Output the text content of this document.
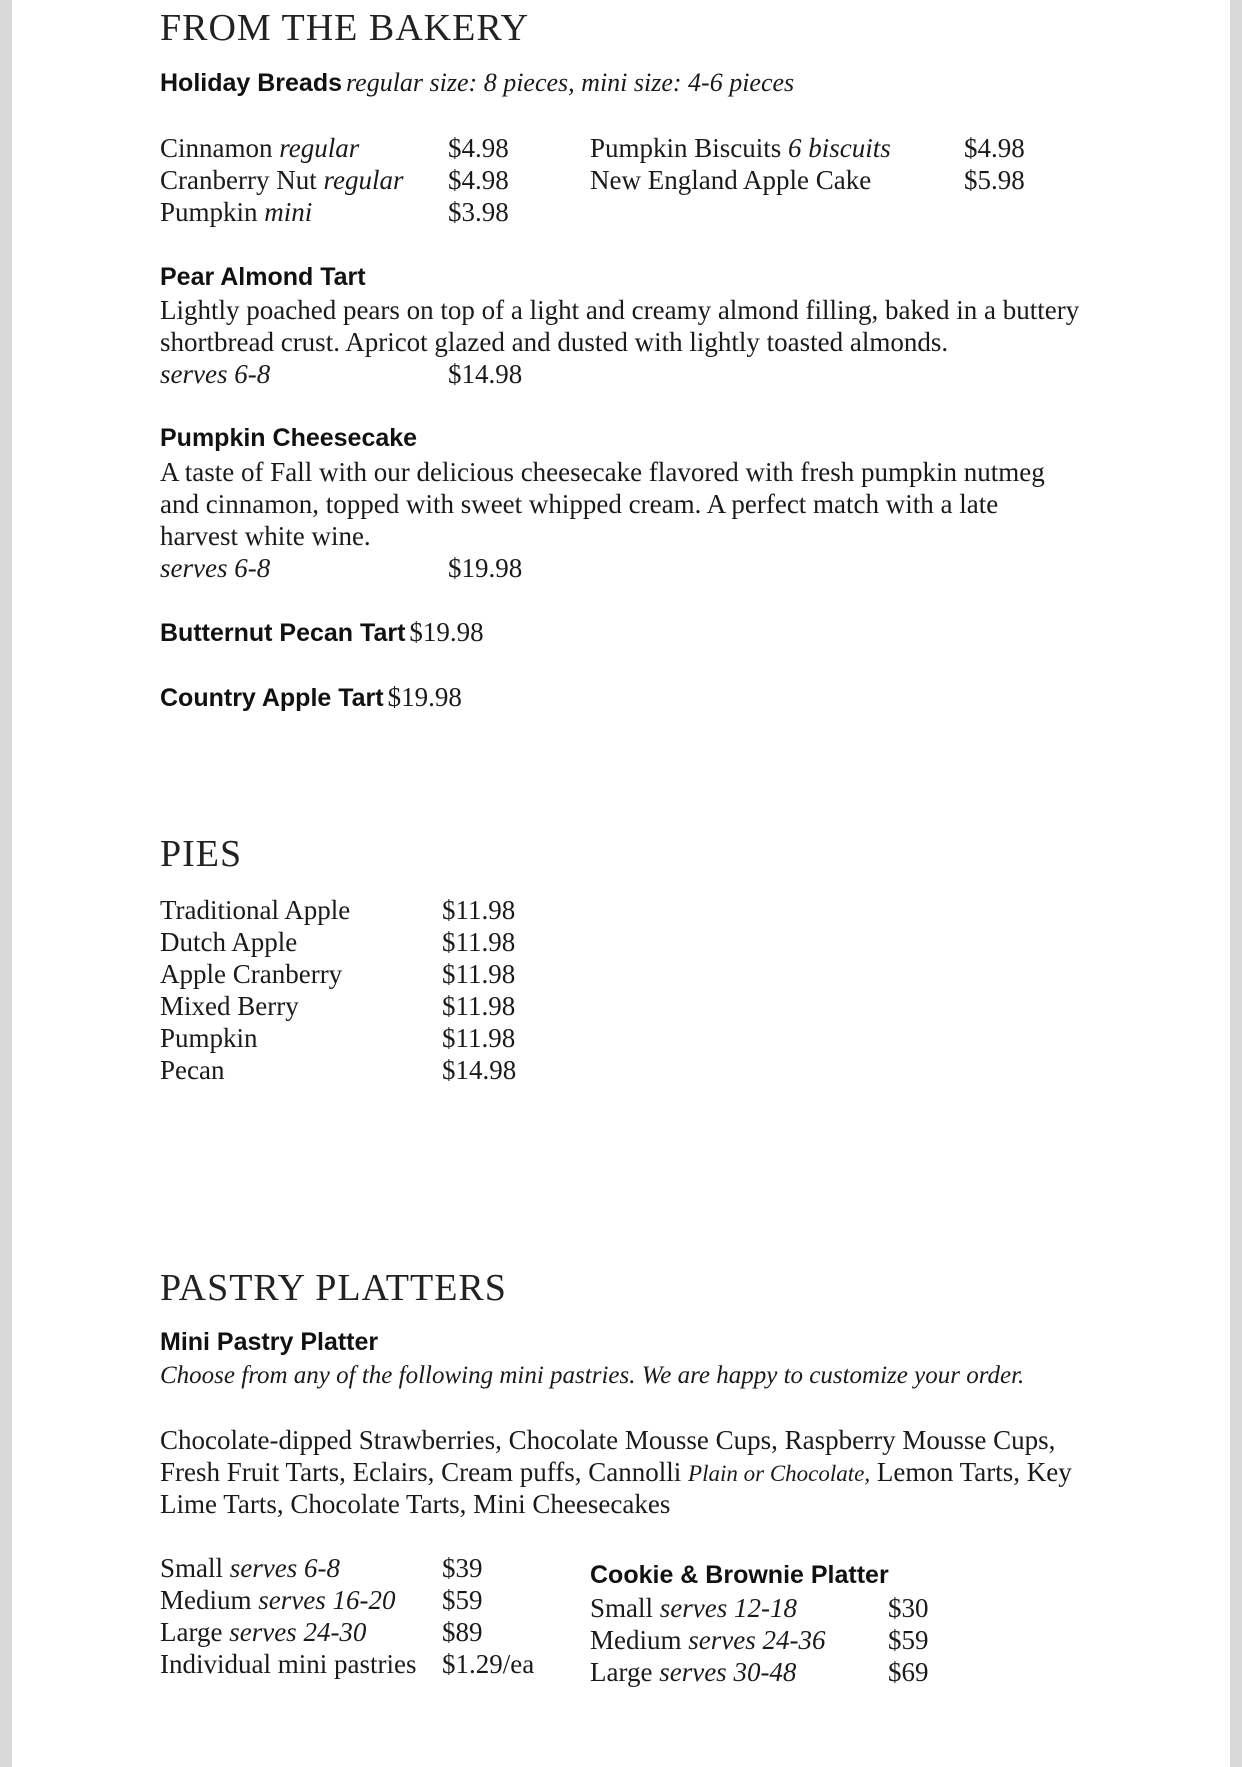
FROM THE BAKERY
Holiday Breads regular size: 8 pieces, mini size: 4-6 pieces
Cinnamon regular	$4.98
Cranberry Nut regular $4.98
Pumpkin mini	$3.98
Pumpkin Biscuits 6 biscuits	$4.98
New England Apple Cake	$5.98
Pear Almond Tart
Lightly poached pears on top of a light and creamy almond filling, baked in a buttery
shortbread crust. Apricot glazed and dusted with lightly toasted almonds.
serves 6-8	$14.98
Pumpkin Cheesecake
A taste of Fall with our delicious cheesecake flavored with fresh pumpkin nutmeg
and cinnamon, topped with sweet whipped cream. A perfect match with a late
harvest white wine.
serves 6-8	$19.98
Butternut Pecan Tart $19.98
Country Apple Tart $19.98
PIES
Traditional Apple	$11.98
Dutch Apple	$11.98
Apple Cranberry	$11.98
Mixed Berry	$11.98
Pumpkin	$11.98
Pecan	$14.98
PASTRY PLATTERS
Mini Pastry Platter
Choose from any of the following mini pastries. We are happy to customize your order.
Chocolate-dipped Strawberries, Chocolate Mousse Cups, Raspberry Mousse Cups,
Fresh Fruit Tarts, Eclairs, Cream puffs, Cannolli Plain or Chocolate, Lemon Tarts, Key
Lime Tarts, Chocolate Tarts, Mini Cheesecakes
Small serves 6-8	$39
Medium serves 16-20 $59
Large serves 24-30	$89
Individual mini pastries $1.29/ea
Cookie & Brownie Platter
Small serves 12-18	$30
Medium serves 24-36 $59
Large serves 30-48	$69
